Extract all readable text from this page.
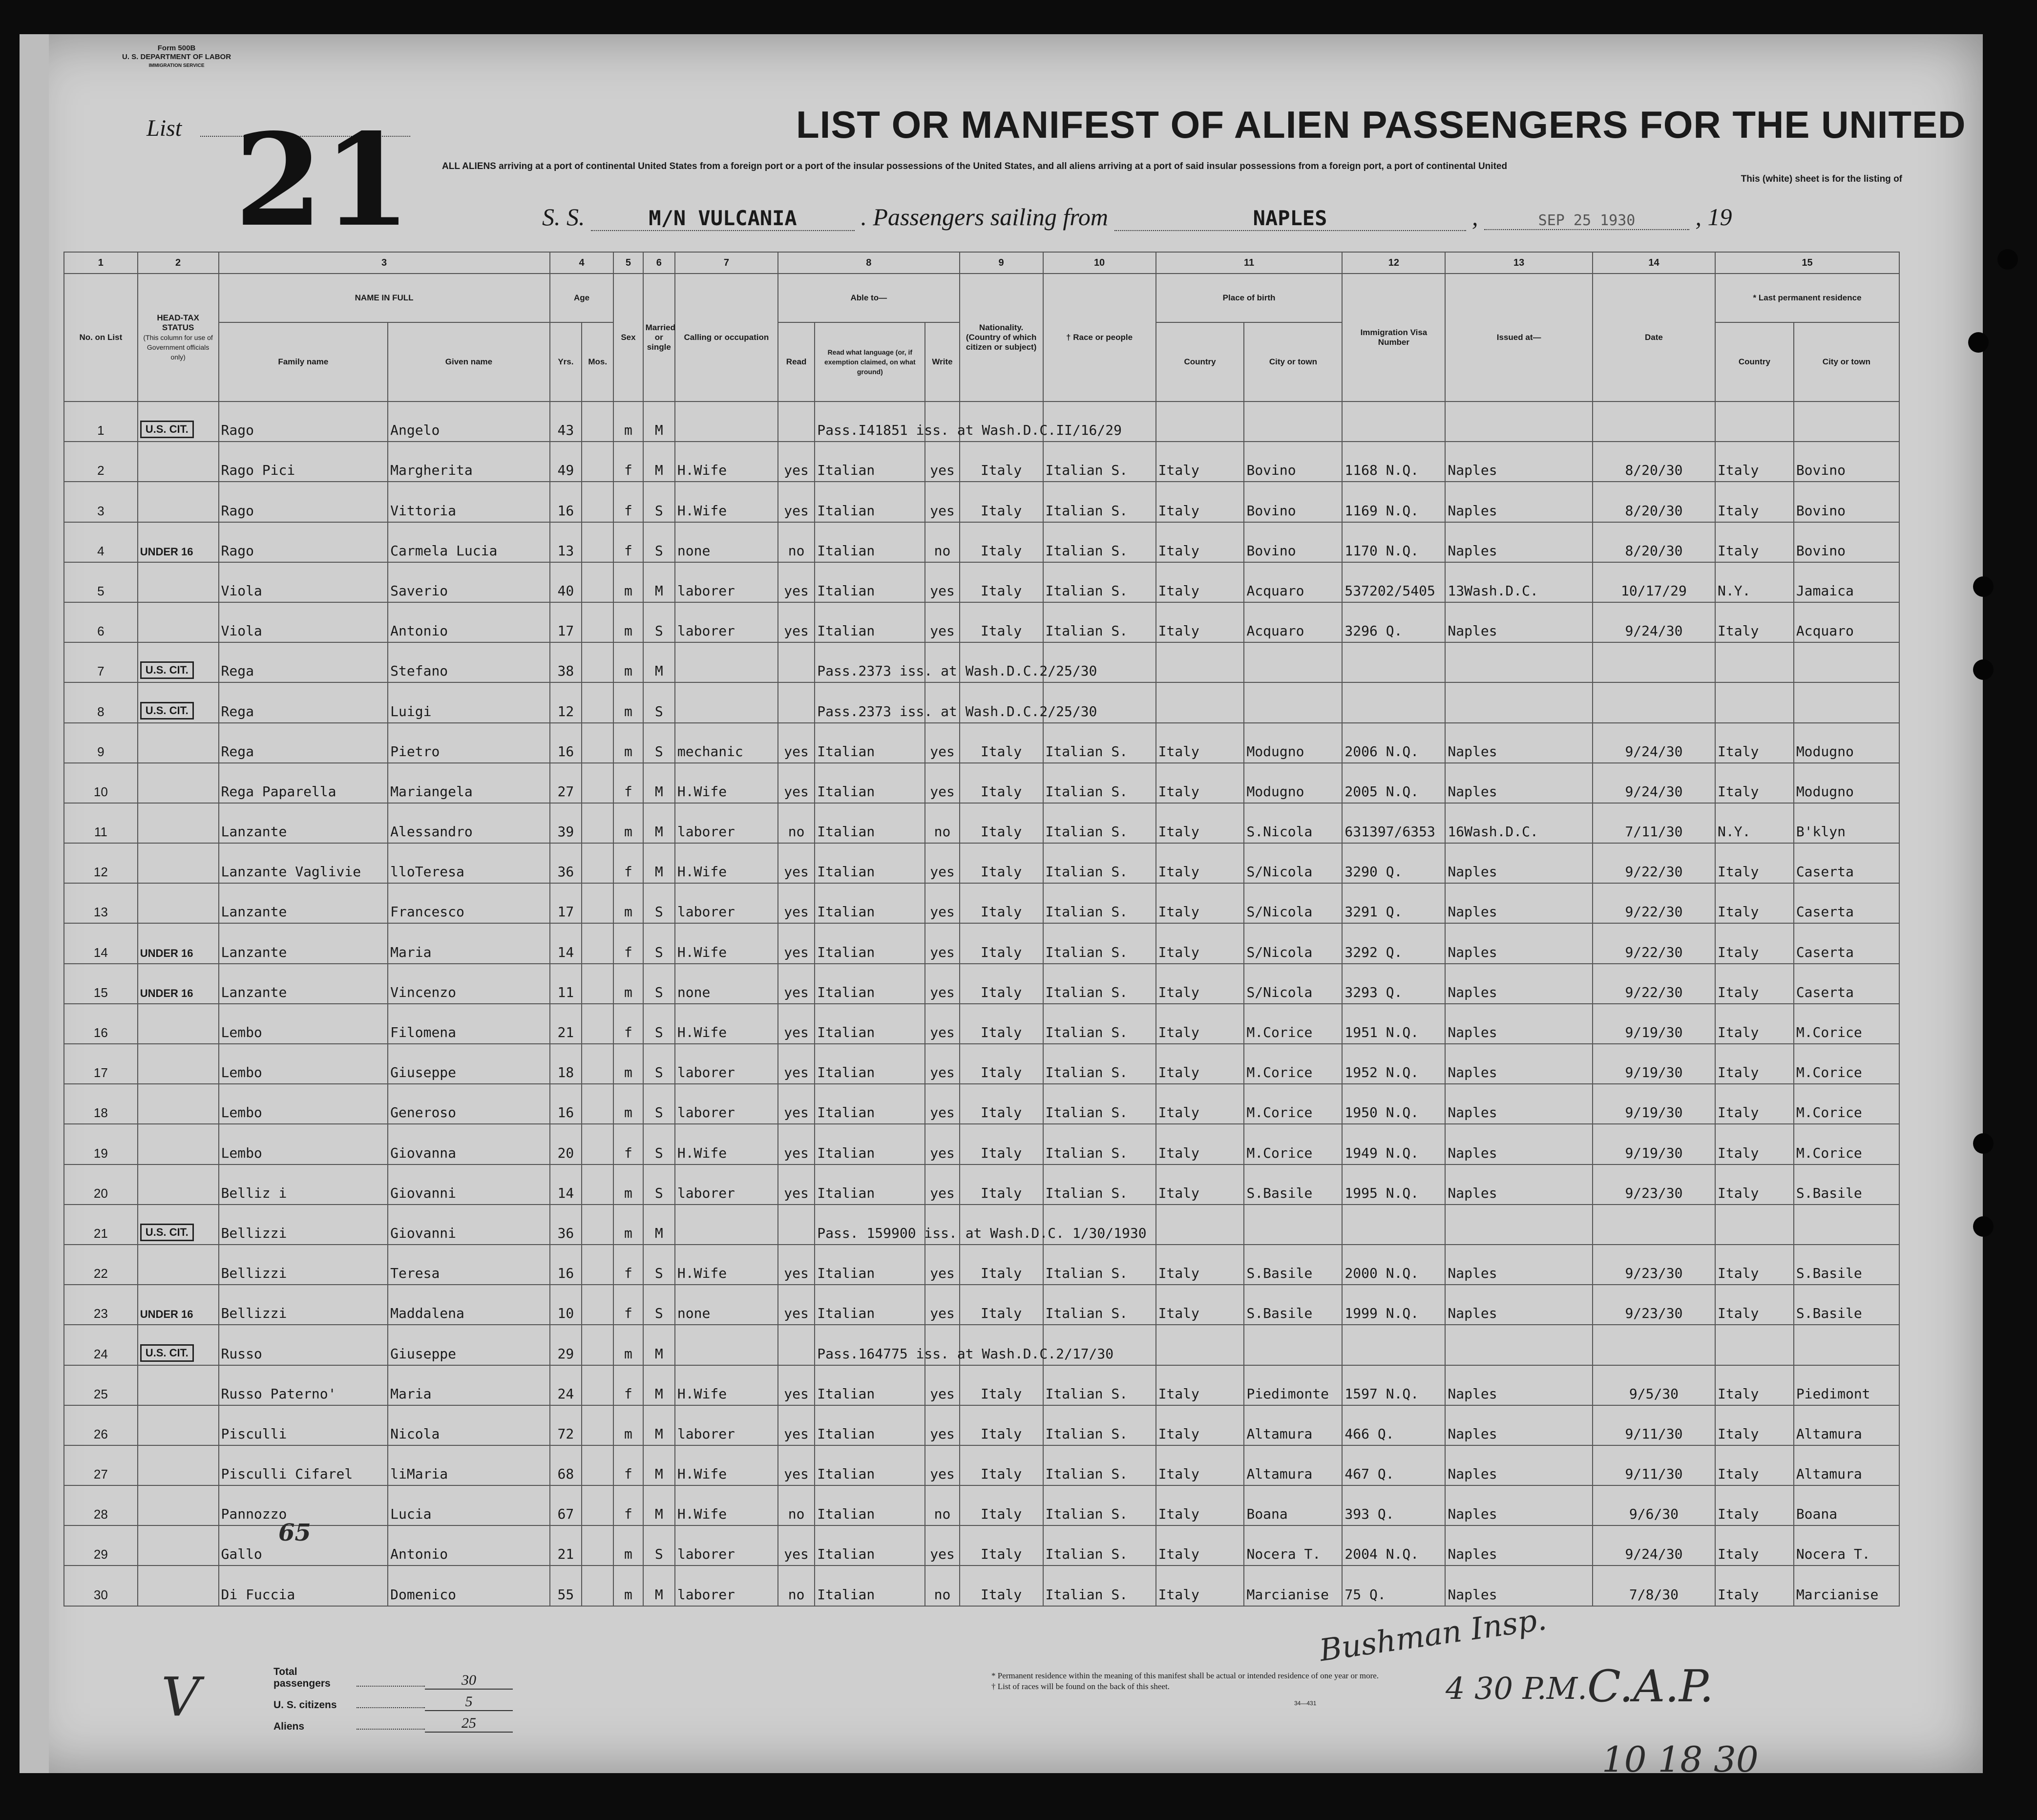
Form 500B
U. S. DEPARTMENT OF LABOR
IMMIGRATION SERVICE
List 21	LIST OR MANIFEST OF ALIEN PASSENGERS FOR THE UNITED
ALL ALIENS arriving at a port of continental United States from a foreign port or a port of the insular possessions of the United States, and all aliens arriving at a port of said insular possessions from a foreign port, a port of continental United
This (white) sheet is for the listing of
S. S.	M/N VULCANIA	. Passengers sailing from	NAPLES	,	SEP 25 1930 , 19
1	2	3		4		5	6	7	8			9	10	11		12	13	14	15	
No. on List	HEAD-TAX STATUS
(This column for use of Government officials only)	NAME IN FULL		Age		Sex	Married or single	Calling or occupation	Able to—			Nationality. (Country of which citizen or subject)	† Race or people	Place of birth		Immigration Visa Number	Issued at—	Date	* Last permanent residence	
		Family name	Given name	Yrs.	Mos.				Read	Read what language (or, if exemption claimed, on what ground)	Write			Country	City or town				Country	City or town
1	U.S. CIT.	Rago	Angelo	43		m	M			Pass.I41851 iss. at Wash.D.C.II/16/29										
2		Rago Pici	Margherita	49		f	M	H.Wife	yes	Italian	yes	Italy	Italian S.	Italy	Bovino	1168 N.Q.	Naples	8/20/30	Italy	Bovino
3		Rago	Vittoria	16		f	S	H.Wife	yes	Italian	yes	Italy	Italian S.	Italy	Bovino	1169 N.Q.	Naples	8/20/30	Italy	Bovino
4	UNDER 16	Rago	Carmela Lucia	13		f	S	none	no	Italian	no	Italy	Italian S.	Italy	Bovino	1170 N.Q.	Naples	8/20/30	Italy	Bovino
5		Viola	Saverio	40		m	M	laborer	yes	Italian	yes	Italy	Italian S.	Italy	Acquaro	537202/5405	13Wash.D.C.	10/17/29	N.Y.	Jamaica
6		Viola	Antonio	17		m	S	laborer	yes	Italian	yes	Italy	Italian S.	Italy	Acquaro	3296 Q.	Naples	9/24/30	Italy	Acquaro
7	U.S. CIT.	Rega	Stefano	38		m	M			Pass.2373 iss. at Wash.D.C.2/25/30										
8	U.S. CIT.	Rega	Luigi	12		m	S			Pass.2373 iss. at Wash.D.C.2/25/30										
9		Rega	Pietro	16		m	S	mechanic	yes	Italian	yes	Italy	Italian S.	Italy	Modugno	2006 N.Q.	Naples	9/24/30	Italy	Modugno
10		Rega Paparella	Mariangela	27		f	M	H.Wife	yes	Italian	yes	Italy	Italian S.	Italy	Modugno	2005 N.Q.	Naples	9/24/30	Italy	Modugno
11		Lanzante	Alessandro	39		m	M	laborer	no	Italian	no	Italy	Italian S.	Italy	S.Nicola	631397/6353	16Wash.D.C.	7/11/30	N.Y.	B'klyn
12		Lanzante Vaglivie	lloTeresa	36		f	M	H.Wife	yes	Italian	yes	Italy	Italian S.	Italy	S/Nicola	3290 Q.	Naples	9/22/30	Italy	Caserta
13		Lanzante	Francesco	17		m	S	laborer	yes	Italian	yes	Italy	Italian S.	Italy	S/Nicola	3291 Q.	Naples	9/22/30	Italy	Caserta
14	UNDER 16	Lanzante	Maria	14		f	S	H.Wife	yes	Italian	yes	Italy	Italian S.	Italy	S/Nicola	3292 Q.	Naples	9/22/30	Italy	Caserta
15	UNDER 16	Lanzante	Vincenzo	11		m	S	none	yes	Italian	yes	Italy	Italian S.	Italy	S/Nicola	3293 Q.	Naples	9/22/30	Italy	Caserta
16		Lembo	Filomena	21		f	S	H.Wife	yes	Italian	yes	Italy	Italian S.	Italy	M.Corice	1951 N.Q.	Naples	9/19/30	Italy	M.Corice
17		Lembo	Giuseppe	18		m	S	laborer	yes	Italian	yes	Italy	Italian S.	Italy	M.Corice	1952 N.Q.	Naples	9/19/30	Italy	M.Corice
18		Lembo	Generoso	16		m	S	laborer	yes	Italian	yes	Italy	Italian S.	Italy	M.Corice	1950 N.Q.	Naples	9/19/30	Italy	M.Corice
19		Lembo	Giovanna	20		f	S	H.Wife	yes	Italian	yes	Italy	Italian S.	Italy	M.Corice	1949 N.Q.	Naples	9/19/30	Italy	M.Corice
20		Belliz i	Giovanni	14		m	S	laborer	yes	Italian	yes	Italy	Italian S.	Italy	S.Basile	1995 N.Q.	Naples	9/23/30	Italy	S.Basile
21	U.S. CIT.	Bellizzi	Giovanni	36		m	M			Pass. 159900 iss. at Wash.D.C. 1/30/1930										
22		Bellizzi	Teresa	16		f	S	H.Wife	yes	Italian	yes	Italy	Italian S.	Italy	S.Basile	2000 N.Q.	Naples	9/23/30	Italy	S.Basile
23	UNDER 16	Bellizzi	Maddalena	10		f	S	none	yes	Italian	yes	Italy	Italian S.	Italy	S.Basile	1999 N.Q.	Naples	9/23/30	Italy	S.Basile
24	U.S. CIT.	Russo	Giuseppe	29		m	M			Pass.164775 iss. at Wash.D.C.2/17/30										
25		Russo Paterno'	Maria	24		f	M	H.Wife	yes	Italian	yes	Italy	Italian S.	Italy	Piedimonte	1597 N.Q.	Naples	9/5/30	Italy	Piedimont
26		Pisculli	Nicola	72		m	M	laborer	yes	Italian	yes	Italy	Italian S.	Italy	Altamura	466 Q.	Naples	9/11/30	Italy	Altamura
27		Pisculli Cifarel	liMaria	68		f	M	H.Wife	yes	Italian	yes	Italy	Italian S.	Italy	Altamura	467 Q.	Naples	9/11/30	Italy	Altamura
28		Pannozzo	Lucia	67		f	M	H.Wife	no	Italian	no	Italy	Italian S.	Italy	Boana	393 Q.	Naples	9/6/30	Italy	Boana
29		Gallo	Antonio	21		m	S	laborer	yes	Italian	yes	Italy	Italian S.	Italy	Nocera T.	2004 N.Q.	Naples	9/24/30	Italy	Nocera T.
30		Di Fuccia	Domenico	55		m	M	laborer	no	Italian	no	Italy	Italian S.	Italy	Marcianise	75 Q.	Naples	7/8/30	Italy	Marcianise
Total passengers	30
U. S. citizens	5
Aliens	25
* Permanent residence within the meaning of this manifest shall be actual or intended residence of one year or more.
† List of races will be found on the back of this sheet.
34—431
Bushman Insp.
4 30 P.M. C.A.P.
10 18 30
V
65
